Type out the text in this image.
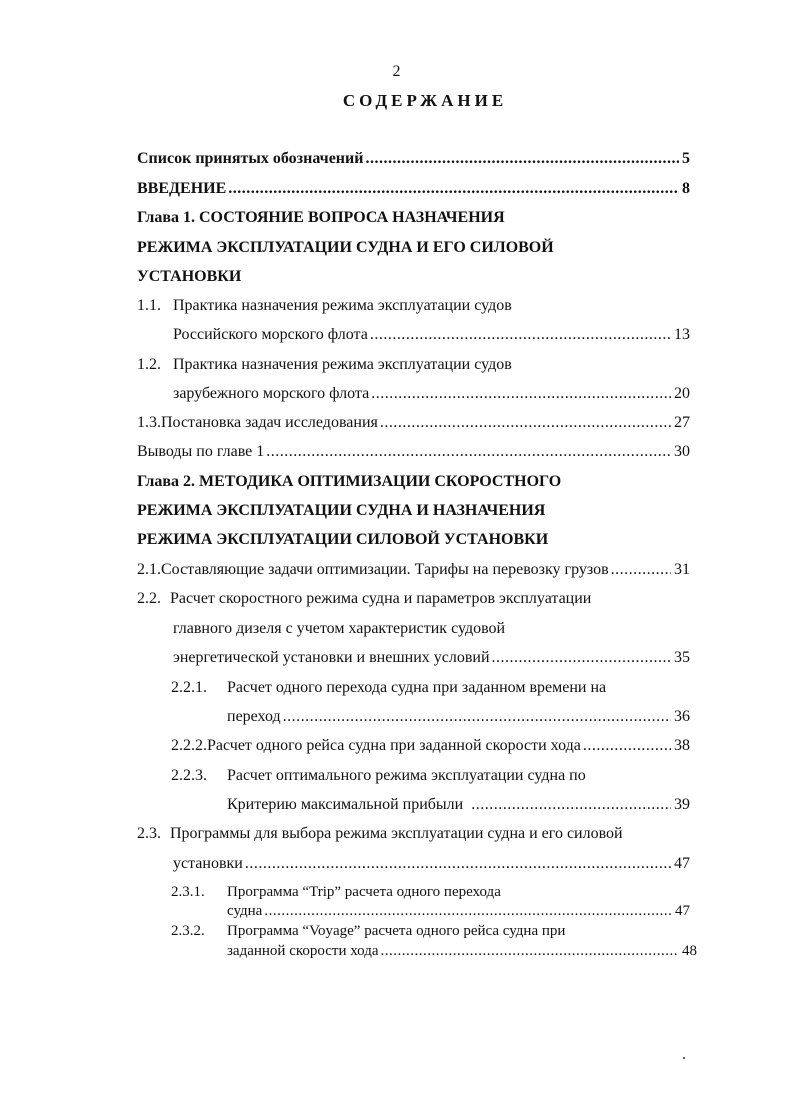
2
СОДЕРЖАНИЕ
Список принятых обозначений .....	5
ВВЕДЕНИЕ .....	8
Глава 1. СОСТОЯНИЕ ВОПРОСА НАЗНАЧЕНИЯ
РЕЖИМА ЭКСПЛУАТАЦИИ СУДНА И ЕГО СИЛОВОЙ
УСТАНОВКИ
1.1. Практика назначения режима эксплуатации судов
Российского морского флота .....	13
1.2. Практика назначения режима эксплуатации судов
зарубежного морского флота .....	20
1.3. Постановка задач исследования .....	27
Выводы по главе 1 .....	30
Глава 2. МЕТОДИКА ОПТИМИЗАЦИИ СКОРОСТНОГО
РЕЖИМА ЭКСПЛУАТАЦИИ СУДНА И НАЗНАЧЕНИЯ
РЕЖИМА ЭКСПЛУАТАЦИИ СИЛОВОЙ УСТАНОВКИ
2.1. Составляющие задачи оптимизации. Тарифы на перевозку грузов .....	31
2.2. Расчет скоростного режима судна и параметров эксплуатации
главного дизеля с учетом характеристик судовой
энергетической установки и внешних условий .....	35
2.2.1.	Расчет одного перехода судна при заданном времени на
переход .....	36
2.2.2. Расчет одного рейса судна при заданной скорости хода .....	38
2.2.3.	Расчет оптимального режима эксплуатации судна по
Критерию максимальной прибыли .....	39
2.3. Программы для выбора режима эксплуатации судна и его силовой
установки .....	47
2.3.1.	Программа “Trip” расчета одного перехода
судна .....	47
2.3.2.	Программа “Voyage” расчета одного рейса судна при
заданной скорости хода .....	48
